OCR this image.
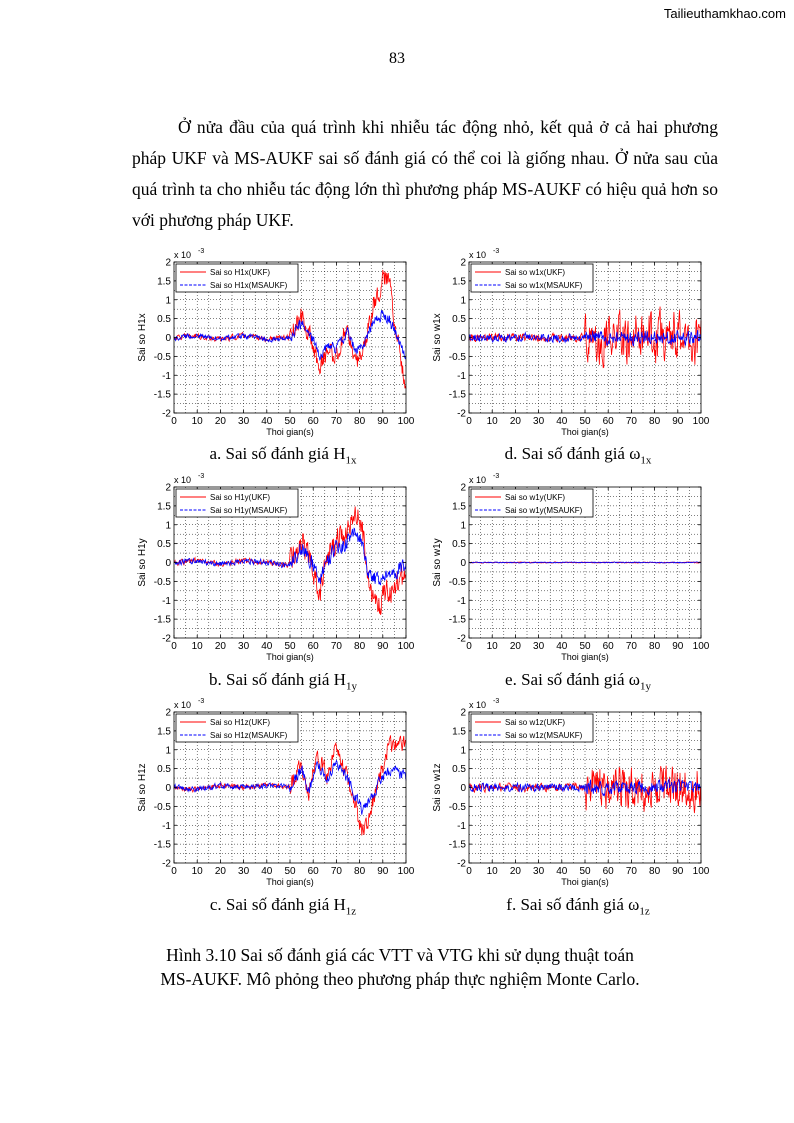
Tailieuthamkhao.com
83

Ở nửa đầu của quá trình khi nhiễu tác động nhỏ, kết quả ở cả hai phương pháp UKF và MS-AUKF sai số đánh giá có thể coi là giống nhau. Ở nửa sau của quá trình ta cho nhiễu tác động lớn thì phương pháp MS-AUKF có hiệu quả hơn so với phương pháp UKF.

2
1.5
1
0.5
0
-0.5
-1
-1.5
-2
0 10 20 30 40 50 60 70 80 90 100
x 10 -3
Thoi gian(s)
Sai so H1x
Sai so H1x(UKF)
Sai so H1x(MSAUKF)
2
1.5
1
0.5
0
-0.5
-1
-1.5
-2
0 10 20 30 40 50 60 70 80 90 100
x 10 -3
Thoi gian(s)
Sai so w1x
Sai so w1x(UKF)
Sai so w1x(MSAUKF)
a. Sai số đánh giá $H_{1x}$	d. Sai số đánh giá $\omega_{1x}$
2
1.5
1
0.5
0
-0.5
-1
-1.5
-2
0 10 20 30 40 50 60 70 80 90 100
x 10 -3
Thoi gian(s)
Sai so H1y
Sai so H1y(UKF)
Sai so H1y(MSAUKF)
2
1.5
1
0.5
0
-0.5
-1
-1.5
-2
0 10 20 30 40 50 60 70 80 90 100
x 10 -3
Thoi gian(s)
Sai so w1y
Sai so w1y(UKF)
Sai so w1y(MSAUKF)
b. Sai số đánh giá $H_{1y}$	e. Sai số đánh giá $\omega_{1y}$
2
1.5
1
0.5
0
-0.5
-1
-1.5
-2
0 10 20 30 40 50 60 70 80 90 100
x 10 -3
Thoi gian(s)
Sai so H1z
Sai so H1z(UKF)
Sai so H1z(MSAUKF)
2
1.5
1
0.5
0
-0.5
-1
-1.5
-2
0 10 20 30 40 50 60 70 80 90 100
x 10 -3
Thoi gian(s)
Sai so w1z
Sai so w1z(UKF)
Sai so w1z(MSAUKF)
c. Sai số đánh giá $H_{1z}$	f. Sai số đánh giá $\omega_{1z}$
Hình 3.10 Sai số đánh giá các VTT và VTG khi sử dụng thuật toán
MS-AUKF. Mô phỏng theo phương pháp thực nghiệm Monte Carlo.
